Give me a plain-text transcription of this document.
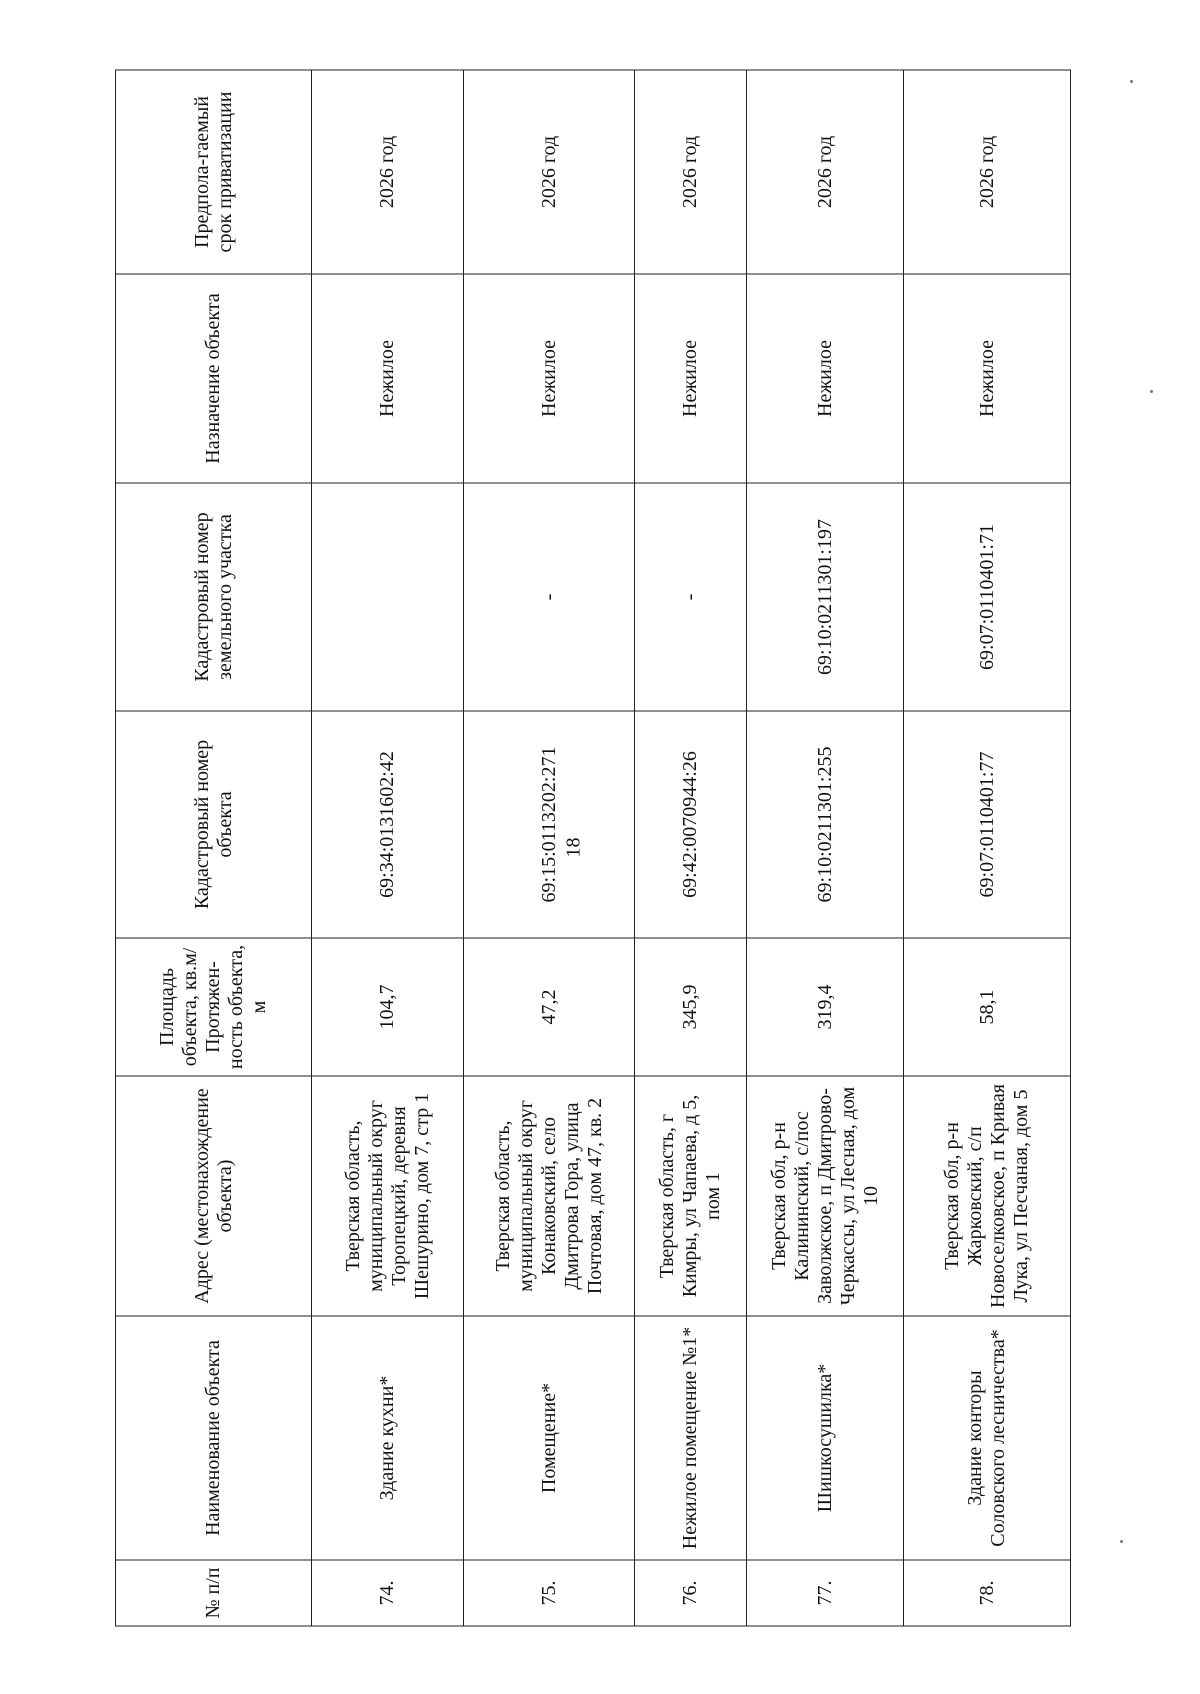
18
№ п/п	Наименование объекта	Адрес (местонахождение объекта)	Площадь объекта, кв.м/ Протяжен-ность объекта, м	Кадастровый номер объекта	Кадастровый номер земельного участка	Назначение объекта	Предпола-гаемый срок приватизации
74.	Здание кухни*	Тверская область, муниципальный округ Торопецкий, деревня Шешурино, дом 7, стр 1	104,7	69:34:0131602:42		Нежилое	2026 год
75.	Помещение*	Тверская область, муниципальный округ Конаковский, село Дмитрова Гора, улица Почтовая, дом 47, кв. 2	47,2	69:15:0113202:271	-	Нежилое	2026 год
76.	Нежилое помещение №1*	Тверская область, г Кимры, ул Чапаева, д 5, пом 1	345,9	69:42:0070944:26	-	Нежилое	2026 год
77.	Шишкосушилка*	Тверская обл, р-н Калининский, с/пос Заволжское, п Дмитрово-Черкассы, ул Лесная, дом 10	319,4	69:10:0211301:255	69:10:0211301:197	Нежилое	2026 год
78.	Здание конторы Соловского лесничества*	Тверская обл, р-н Жарковский, с/п Новоселковское, п Кривая Лука, ул Песчаная, дом 5	58,1	69:07:0110401:77	69:07:0110401:71	Нежилое	2026 год
